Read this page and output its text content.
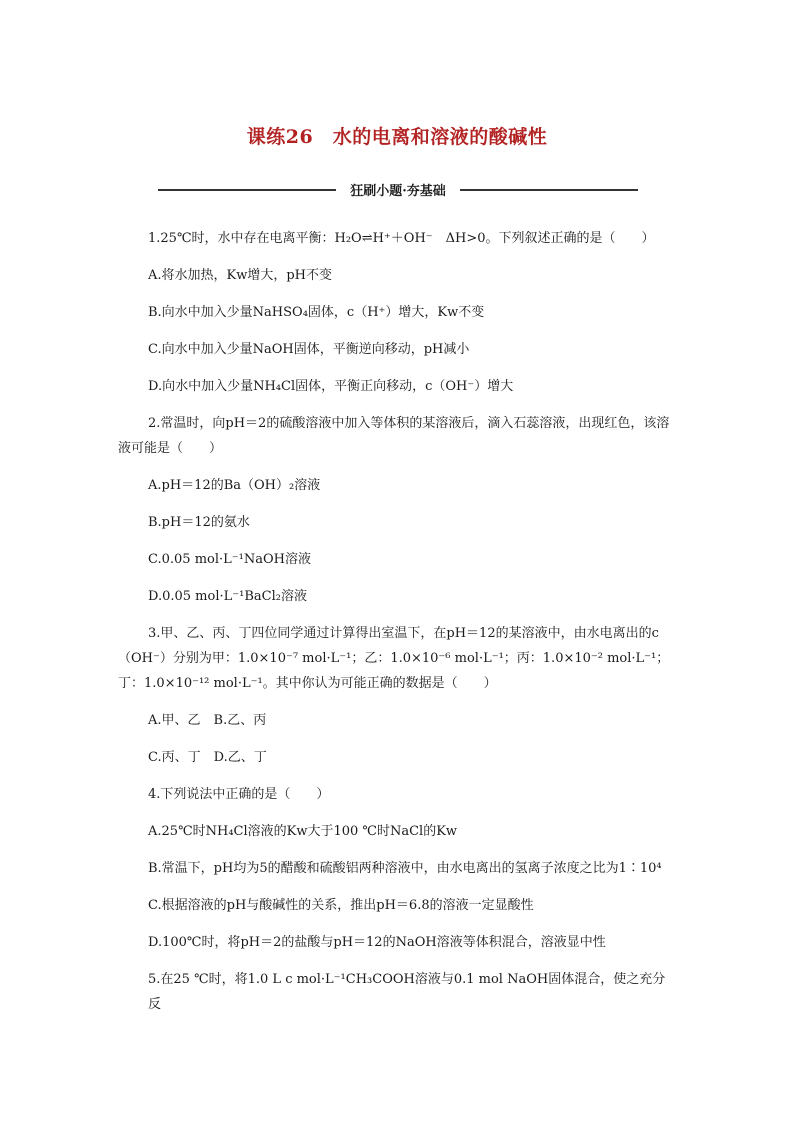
课练26　水的电离和溶液的酸碱性
狂刷小题·夯基础

1.25℃时，水中存在电离平衡：H₂O⇌H⁺＋OH⁻　ΔH>0。下列叙述正确的是（　　）

A.将水加热，Kw增大，pH不变

B.向水中加入少量NaHSO₄固体，c（H⁺）增大，Kw不变

C.向水中加入少量NaOH固体，平衡逆向移动，pH减小

D.向水中加入少量NH₄Cl固体，平衡正向移动，c（OH⁻）增大

2.常温时，向pH＝2的硫酸溶液中加入等体积的某溶液后，滴入石蕊溶液，出现红色，该溶液可能是（　　）

A.pH＝12的Ba（OH）₂溶液

B.pH＝12的氨水

C.0.05 mol·L⁻¹NaOH溶液

D.0.05 mol·L⁻¹BaCl₂溶液

3.甲、乙、丙、丁四位同学通过计算得出室温下，在pH＝12的某溶液中，由水电离出的c（OH⁻）分别为甲：1.0×10⁻⁷ mol·L⁻¹；乙：1.0×10⁻⁶ mol·L⁻¹；丙：1.0×10⁻² mol·L⁻¹；丁：1.0×10⁻¹² mol·L⁻¹。其中你认为可能正确的数据是（　　）

A.甲、乙　B.乙、丙

C.丙、丁　D.乙、丁

4.下列说法中正确的是（　　）

A.25℃时NH₄Cl溶液的Kw大于100 ℃时NaCl的Kw

B.常温下，pH均为5的醋酸和硫酸铝两种溶液中，由水电离出的氢离子浓度之比为1∶10⁴

C.根据溶液的pH与酸碱性的关系，推出pH＝6.8的溶液一定显酸性

D.100℃时，将pH＝2的盐酸与pH＝12的NaOH溶液等体积混合，溶液显中性

5.在25 ℃时，将1.0 L c mol·L⁻¹CH₃COOH溶液与0.1 mol NaOH固体混合，使之充分反
